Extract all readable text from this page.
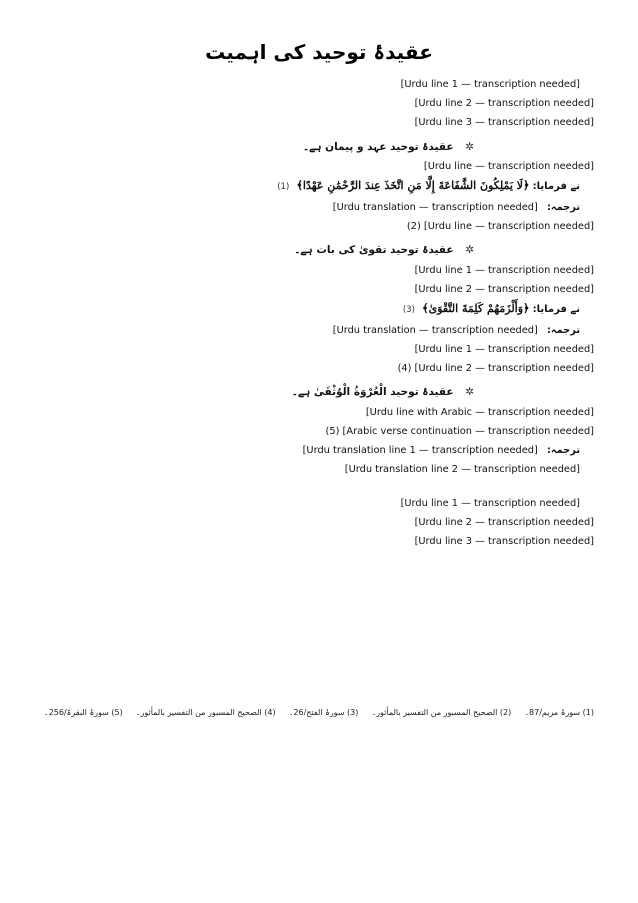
عقیدۂ توحید کی اہمیت
[Urdu line 1 — transcription needed]
[Urdu line 2 — transcription needed]
[Urdu line 3 — transcription needed]
✲ عقیدۂ توحید عہد و پیمان ہے۔
[Urdu line — transcription needed]
نے فرمایا: ﴿لَا يَمْلِكُونَ الشَّفَاعَةَ إِلَّا مَنِ اتَّخَذَ عِندَ الرَّحْمَٰنِ عَهْدًا﴾ (1)
ترجمہ: [Urdu translation — transcription needed]
[Urdu line — transcription needed] (2)
✲ عقیدۂ توحید تقویٰ کی بات ہے۔
[Urdu line 1 — transcription needed]
[Urdu line 2 — transcription needed]
نے فرمایا: ﴿وَأَلْزَمَهُمْ كَلِمَةَ التَّقْوَىٰ﴾ (3)
ترجمہ: [Urdu translation — transcription needed]
[Urdu line 1 — transcription needed]
[Urdu line 2 — transcription needed] (4)
✲ عقیدۂ توحید الْعُرْوَةُ الْوُثْقَىٰ ہے۔
[Urdu line with Arabic — transcription needed]
[Arabic verse continuation — transcription needed] (5)
ترجمہ: [Urdu translation line 1 — transcription needed]
[Urdu translation line 2 — transcription needed]
[Urdu line 1 — transcription needed]
[Urdu line 2 — transcription needed]
[Urdu line 3 — transcription needed]
(1) سورۂ مریم/87۔
(2) الصحیح المسبور من التفسیر بالمأثور۔
(3) سورۂ الفتح/26۔
(4) الصحیح المسبور من التفسیر بالمأثور۔
(5) سورۂ البقرۃ/256۔
